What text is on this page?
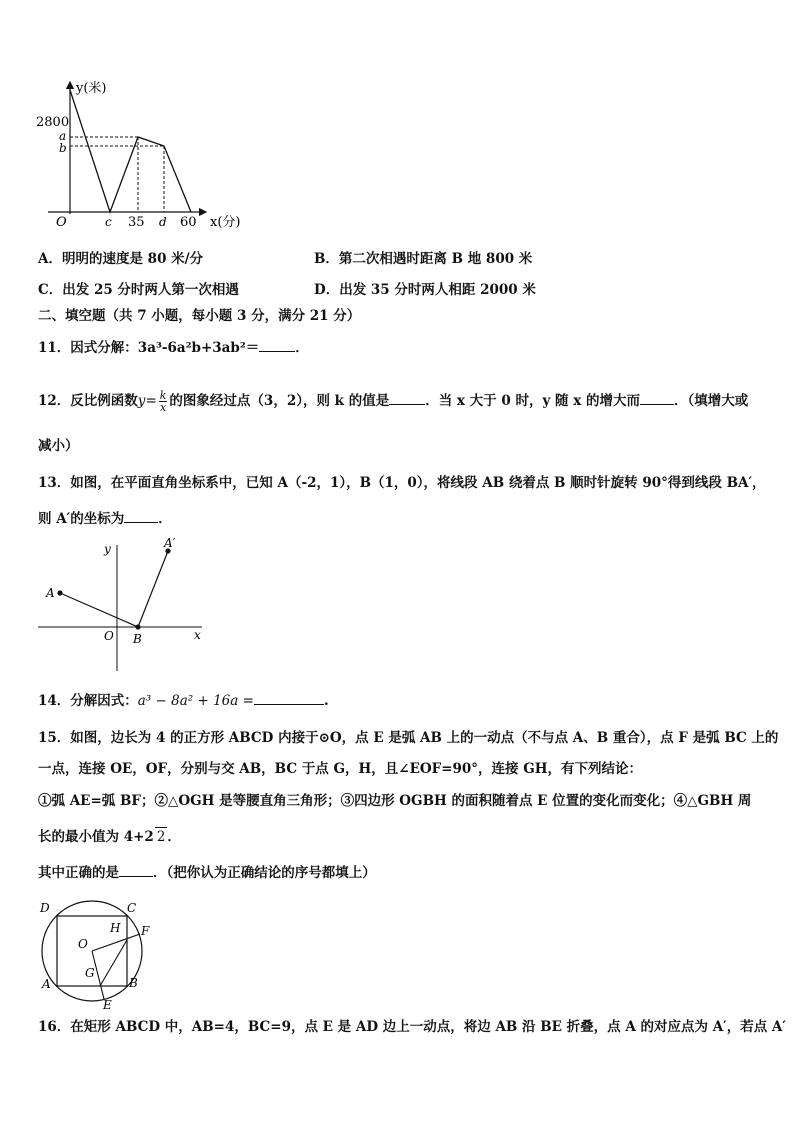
y(米)
2800
a
b
O	c 35 d 60 x(分)
A．明明的速度是 80 米/分	B．第二次相遇时距离 B 地 800 米
C．出发 25 分时两人第一次相遇	D．出发 35 分时两人相距 2000 米
二、填空题（共 7 小题，每小题 3 分，满分 21 分）
11．因式分解：3a³-6a²b+3ab²＝	．
12．反比例函数$y= \frac{k}{x}$ 的图象经过点（3，2），则 k 的值是	．当 x 大于 0 时，y 随 x 的增大而	．（填增大或
减小）
13．如图，在平面直角坐标系中，已知 A（-2，1），B（1，0），将线段 AB 绕着点 B 顺时针旋转 90°得到线段 BA′，
则 A′的坐标为	．
y
x
O
A
B
A′
14．分解因式：a³ − 8a² + 16a =	.
15．如图，边长为 4 的正方形 ABCD 内接于⊙O，点 E 是弧 AB 上的一动点（不与点 A、B 重合），点 F 是弧 BC 上的
一点，连接 OE，OF，分别与交 AB，BC 于点 G，H，且∠EOF=90°，连接 GH，有下列结论：
①弧 AE=弧 BF；②△OGH 是等腰直角三角形；③四边形 OGBH 的面积随着点 E 位置的变化而变化；④△GBH 周
长的最小值为 4+2 2 ．
其中正确的是	．（把你认为正确结论的序号都填上）
D	C
H F
O
G
A	B
E
16．在矩形 ABCD 中，AB=4，BC=9，点 E 是 AD 边上一动点，将边 AB 沿 BE 折叠，点 A 的对应点为 A′，若点 A′
